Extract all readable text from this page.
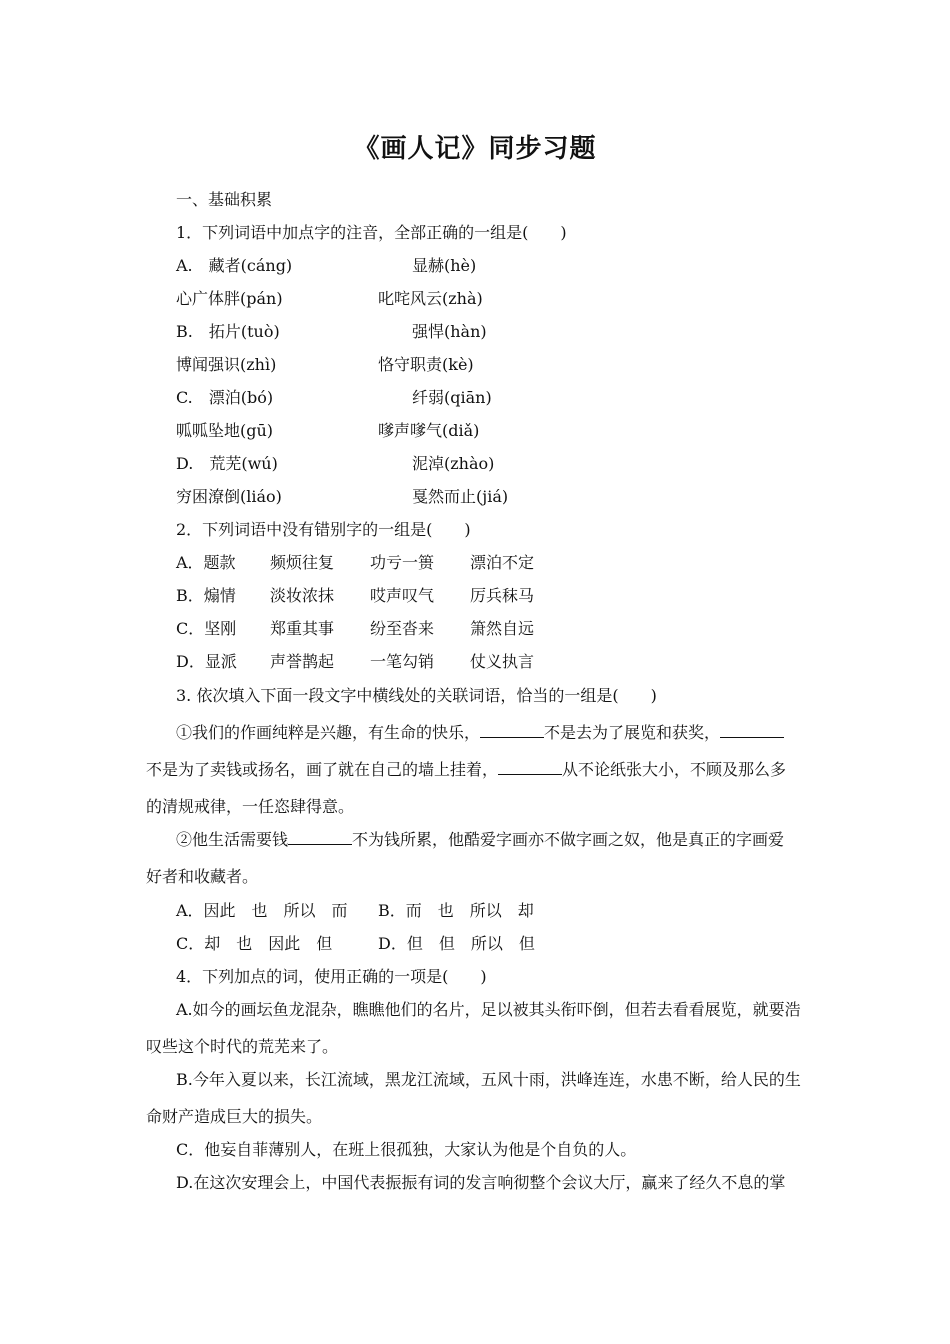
《画人记》同步习题
一、基础积累
1．下列词语中加点字的注音，全部正确的一组是(　　)
A.　藏者(cáng)	显赫(hè)
心广体胖(pán)	叱咤风云(zhà)
B.　拓片(tuò)	强悍(hàn)
博闻强识(zhì)	恪守职责(kè)
C.　漂泊(bó)	纤弱(qiān)
呱呱坠地(gū)	嗲声嗲气(diǎ)
D.　荒芜(wú)	泥淖(zhào)
穷困潦倒(liáo)	戛然而止(jiá)
2．下列词语中没有错别字的一组是(　　)
A．题款 频烦往复 功亏一篑 漂泊不定
B．煽情 淡妆浓抹 哎声叹气 厉兵秣马
C．坚刚 郑重其事 纷至沓来 箫然自远
D．显派 声誉鹊起 一笔勾销 仗义执言
3. 依次填入下面一段文字中横线处的关联词语，恰当的一组是(　　)
①我们的作画纯粹是兴趣，有生命的快乐，	不是去为了展览和获奖，
不是为了卖钱或扬名，画了就在自己的墙上挂着，	从不论纸张大小，不顾及那么多
的清规戒律，一任恣肆得意。
②他生活需要钱	不为钱所累，他酷爱字画亦不做字画之奴，他是真正的字画爱
好者和收藏者。
A．因此　也　所以　而 B．而　也　所以　却
C．却　也　因此　但	D．但　但　所以　但
4．下列加点的词，使用正确的一项是(　　)
A.如今的画坛鱼龙混杂，瞧瞧他们的名片，足以被其头衔吓倒，但若去看看展览，就要浩
叹些这个时代的荒芜来了。
B.今年入夏以来，长江流域，黑龙江流域，五风十雨，洪峰连连，水患不断，给人民的生
命财产造成巨大的损失。
C．他妄自菲薄别人，在班上很孤独，大家认为他是个自负的人。
D.在这次安理会上，中国代表振振有词的发言响彻整个会议大厅，赢来了经久不息的掌
